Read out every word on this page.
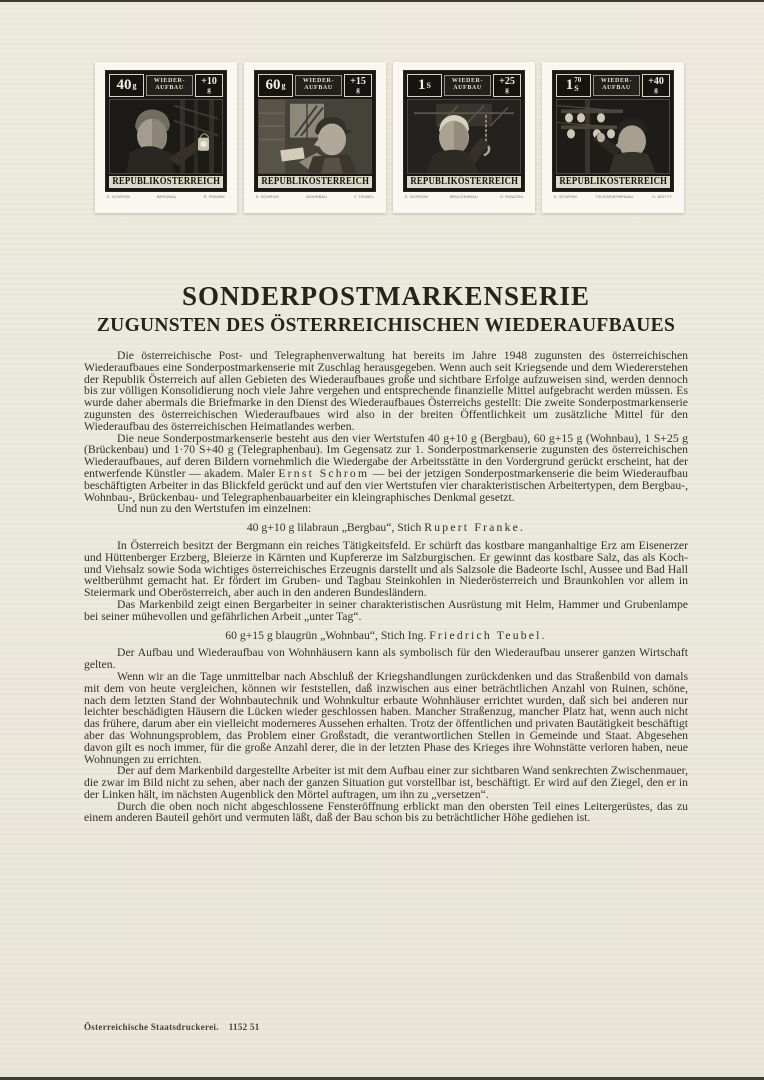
40 g	WIEDER-
AUFBAU
+10
g
REPUBLIKÖSTERREICH
E. SCHROM	BERGBAU	R. FRANKE
60 g	WIEDER-
AUFBAU
+15
g
REPUBLIKÖSTERREICH
E. SCHROM	WOHNBAU	F. TEUBEL
1 S	WIEDER-
AUFBAU
+25
g
REPUBLIKÖSTERREICH
E. SCHROM	BRÜCKENBAU	H. RANZONI
1 70
S
WIEDER-
AUFBAU
+40
g
REPUBLIKÖSTERREICH
E. SCHROM	TELEGRAPHENBAU	H. WOYTY
SONDERPOSTMARKENSERIE
ZUGUNSTEN DES ÖSTERREICHISCHEN WIEDERAUFBAUES

Die österreichische Post- und Telegraphenverwaltung hat bereits im Jahre 1948 zugunsten des österreichischen Wiederaufbaues eine Sonderpostmarkenserie mit Zuschlag herausgegeben. Wenn auch seit Kriegsende und dem Wiedererstehen der Republik Österreich auf allen Gebieten des Wiederaufbaues große und sichtbare Erfolge aufzuweisen sind, werden dennoch bis zur völligen Konsolidierung noch viele Jahre vergehen und entsprechende finanzielle Mittel aufgebracht werden müssen. Es wurde daher abermals die Briefmarke in den Dienst des Wiederaufbaues Österreichs gestellt: Die zweite Sonderpostmarkenserie zugunsten des österreichischen Wiederaufbaues wird also in der breiten Öffentlichkeit um zusätzliche Mittel für den Wiederaufbau des österreichischen Heimatlandes werben.

Die neue Sonderpostmarkenserie besteht aus den vier Wertstufen 40 g+10 g (Bergbau), 60 g+15 g (Wohnbau), 1 S+25 g (Brückenbau) und 1·70 S+40 g (Telegraphenbau). Im Gegensatz zur 1. Sonderpostmarkenserie zugunsten des österreichischen Wiederaufbaues, auf deren Bildern vornehmlich die Wiedergabe der Arbeitsstätte in den Vordergrund gerückt erscheint, hat der entwerfende Künstler — akadem. Maler Ernst Schrom — bei der jetzigen Sonderpostmarkenserie die beim Wiederaufbau beschäftigten Arbeiter in das Blickfeld gerückt und auf den vier Wertstufen vier charakteristischen Arbeitertypen, dem Bergbau-, Wohnbau-, Brückenbau- und Telegraphenbauarbeiter ein kleingraphisches Denkmal gesetzt.

Und nun zu den Wertstufen im einzelnen:

40 g+10 g lilabraun „Bergbau“, Stich Rupert Franke.

In Österreich besitzt der Bergmann ein reiches Tätigkeitsfeld. Er schürft das kostbare manganhaltige Erz am Eisenerzer und Hüttenberger Erzberg, Bleierze in Kärnten und Kupfererze im Salzburgischen. Er gewinnt das kostbare Salz, das als Koch- und Viehsalz sowie Soda wichtiges österreichisches Erzeugnis darstellt und als Salzsole die Badeorte Ischl, Aussee und Bad Hall weltberühmt gemacht hat. Er fördert im Gruben- und Tagbau Steinkohlen in Niederösterreich und Braunkohlen vor allem in Steiermark und Oberösterreich, aber auch in den anderen Bundesländern.

Das Markenbild zeigt einen Bergarbeiter in seiner charakteristischen Ausrüstung mit Helm, Hammer und Grubenlampe bei seiner mühevollen und gefährlichen Arbeit „unter Tag“.

60 g+15 g blaugrün „Wohnbau“, Stich Ing. Friedrich Teubel.

Der Aufbau und Wiederaufbau von Wohnhäusern kann als symbolisch für den Wiederaufbau unserer ganzen Wirtschaft gelten.

Wenn wir an die Tage unmittelbar nach Abschluß der Kriegshandlungen zurückdenken und das Straßenbild von damals mit dem von heute vergleichen, können wir feststellen, daß inzwischen aus einer beträchtlichen Anzahl von Ruinen, schöne, nach dem letzten Stand der Wohnbautechnik und Wohnkultur erbaute Wohnhäuser errichtet wurden, daß sich bei anderen nur leichter beschädigten Häusern die Lücken wieder geschlossen haben. Mancher Straßenzug, mancher Platz hat, wenn auch nicht das frühere, darum aber ein vielleicht moderneres Aussehen erhalten. Trotz der öffentlichen und privaten Bautätigkeit beschäftigt aber das Wohnungsproblem, das Problem einer Großstadt, die verantwortlichen Stellen in Gemeinde und Staat. Abgesehen davon gilt es noch immer, für die große Anzahl derer, die in der letzten Phase des Krieges ihre Wohnstätte verloren haben, neue Wohnungen zu errichten.

Der auf dem Markenbild dargestellte Arbeiter ist mit dem Aufbau einer zur sichtbaren Wand senkrechten Zwischenmauer, die zwar im Bild nicht zu sehen, aber nach der ganzen Situation gut vorstellbar ist, beschäftigt. Er wird auf den Ziegel, den er in der Linken hält, im nächsten Augenblick den Mörtel auftragen, um ihn zu „versetzen“.

Durch die oben noch nicht abgeschlossene Fensteröffnung erblickt man den obersten Teil eines Leitergerüstes, das zu einem anderen Bauteil gehört und vermuten läßt, daß der Bau schon bis zu beträchtlicher Höhe gediehen ist.

Österreichische Staatsdruckerei. 1152 51
